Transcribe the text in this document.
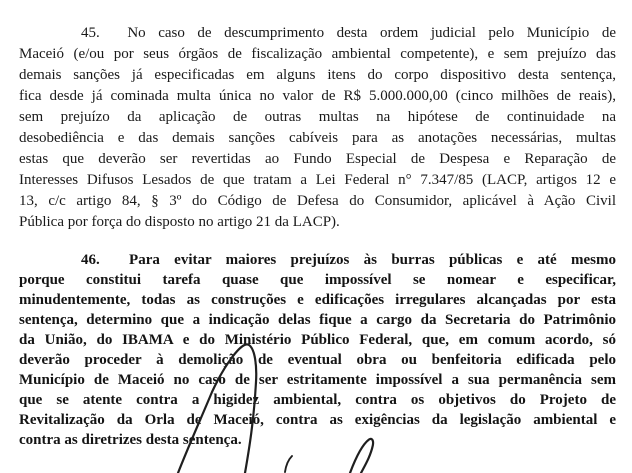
45. No caso de descumprimento desta ordem judicial pelo Município de
Maceió (e/ou por seus órgãos de fiscalização ambiental competente), e sem prejuízo das
demais sanções já especificadas em alguns itens do corpo dispositivo desta sentença,
fica desde já cominada multa única no valor de R$ 5.000.000,00 (cinco milhões de reais),
sem prejuízo da aplicação de outras multas na hipótese de continuidade na
desobediência e das demais sanções cabíveis para as anotações necessárias, multas
estas que deverão ser revertidas ao Fundo Especial de Despesa e Reparação de
Interesses Difusos Lesados de que tratam a Lei Federal n° 7.347/85 (LACP, artigos 12 e
13, c/c artigo 84, § 3º do Código de Defesa do Consumidor, aplicável à Ação Civil
Pública por força do disposto no artigo 21 da LACP).
46. Para evitar maiores prejuízos às burras públicas e até mesmo
porque constitui tarefa quase que impossível se nomear e especificar,
minudentemente, todas as construções e edificações irregulares alcançadas por esta
sentença, determino que a indicação delas fique a cargo da Secretaria do Patrimônio
da União, do IBAMA e do Ministério Público Federal, que, em comum acordo, só
deverão proceder à demolição de eventual obra ou benfeitoria edificada pelo
Município de Maceió no caso de ser estritamente impossível a sua permanência sem
que se atente contra a higidez ambiental, contra os objetivos do Projeto de
Revitalização da Orla de Maceió, contra as exigências da legislação ambiental e
contra as diretrizes desta sentença.
